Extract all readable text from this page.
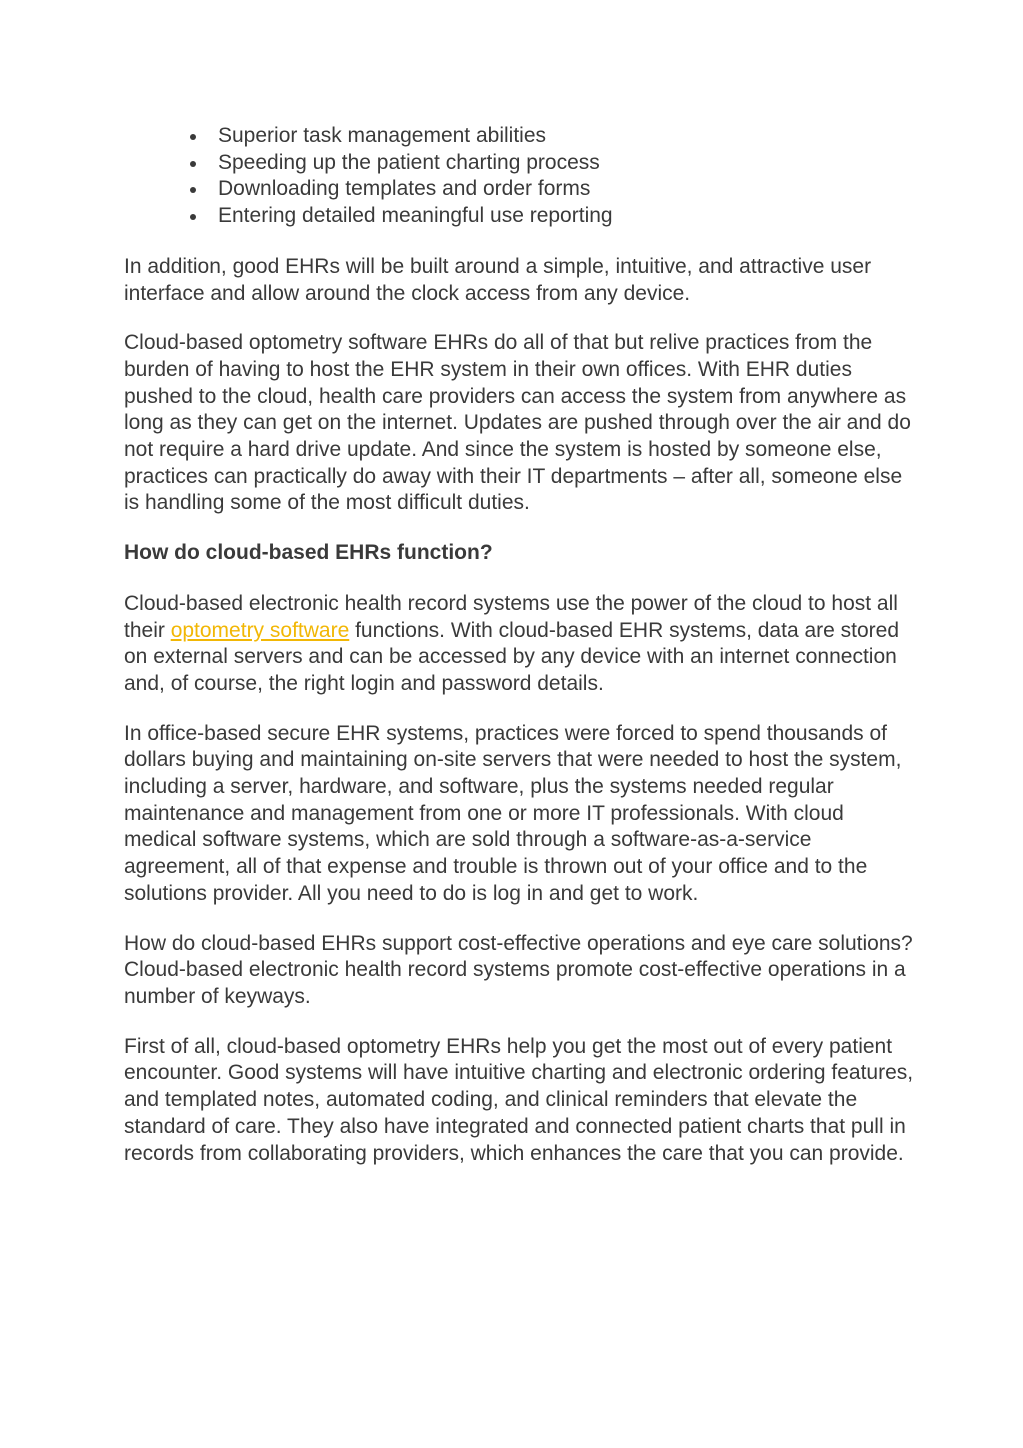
Superior task management abilities
Speeding up the patient charting process
Downloading templates and order forms
Entering detailed meaningful use reporting

In addition, good EHRs will be built around a simple, intuitive, and attractive user interface and allow around the clock access from any device.

Cloud-based optometry software EHRs do all of that but relive practices from the burden of having to host the EHR system in their own offices. With EHR duties pushed to the cloud, health care providers can access the system from anywhere as long as they can get on the internet. Updates are pushed through over the air and do not require a hard drive update. And since the system is hosted by someone else, practices can practically do away with their IT departments – after all, someone else is handling some of the most difficult duties.

How do cloud-based EHRs function?

Cloud-based electronic health record systems use the power of the cloud to host all their optometry software functions. With cloud-based EHR systems, data are stored on external servers and can be accessed by any device with an internet connection and, of course, the right login and password details.

In office-based secure EHR systems, practices were forced to spend thousands of dollars buying and maintaining on-site servers that were needed to host the system, including a server, hardware, and software, plus the systems needed regular maintenance and management from one or more IT professionals. With cloud medical software systems, which are sold through a software-as-a-service agreement, all of that expense and trouble is thrown out of your office and to the solutions provider. All you need to do is log in and get to work.

How do cloud-based EHRs support cost-effective operations and eye care solutions?

Cloud-based electronic health record systems promote cost-effective operations in a number of keyways.

First of all, cloud-based optometry EHRs help you get the most out of every patient encounter. Good systems will have intuitive charting and electronic ordering features, and templated notes, automated coding, and clinical reminders that elevate the standard of care. They also have integrated and connected patient charts that pull in records from collaborating providers, which enhances the care that you can provide.
